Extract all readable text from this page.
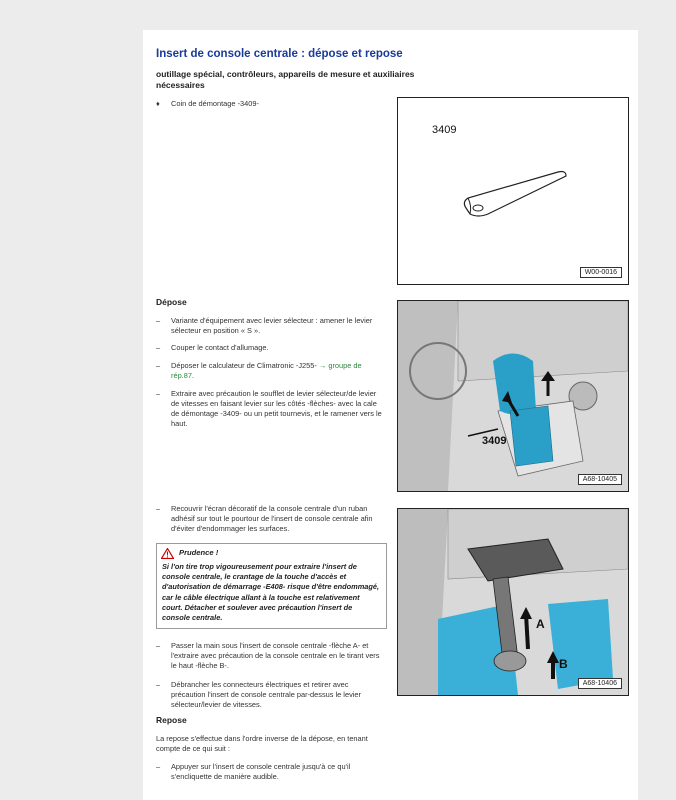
Insert de console centrale : dépose et repose
outillage spécial, contrôleurs, appareils de mesure et auxiliaires nécessaires
♦ Coin de démontage -3409-
3409
W00-0016
Dépose
– Variante d'équipement avec levier sélecteur : amener le levier sélecteur en position « S ».
– Couper le contact d'allumage.
– Déposer le calculateur de Climatronic -J255- → groupe de rép.87.
– Extraire avec précaution le soufflet de levier sélecteur/de levier de vitesses en faisant levier sur les côtés -flèches- avec la cale de démontage -3409- ou un petit tournevis, et le ramener vers le haut.
3409
A68-10405
– Recouvrir l'écran décoratif de la console centrale d'un ruban adhésif sur tout le pourtour de l'insert de console centrale afin d'éviter d'endommager les surfaces.
! Prudence !
Si l'on tire trop vigoureusement pour extraire l'insert de console centrale, le crantage de la touche d'accès et d'autorisation de démarrage -E408- risque d'être endommagé, car le câble électrique allant à la touche est relativement court. Détacher et soulever avec précaution l'insert de console centrale.
– Passer la main sous l'insert de console centrale -flèche A- et l'extraire avec précaution de la console centrale en le tirant vers le haut -flèche B-.
– Débrancher les connecteurs électriques et retirer avec précaution l'insert de console centrale par-dessus le levier sélecteur/levier de vitesses.
A
B
A68-10406
Repose
La repose s'effectue dans l'ordre inverse de la dépose, en tenant compte de ce qui suit :
– Appuyer sur l'insert de console centrale jusqu'à ce qu'il s'encliquette de manière audible.
